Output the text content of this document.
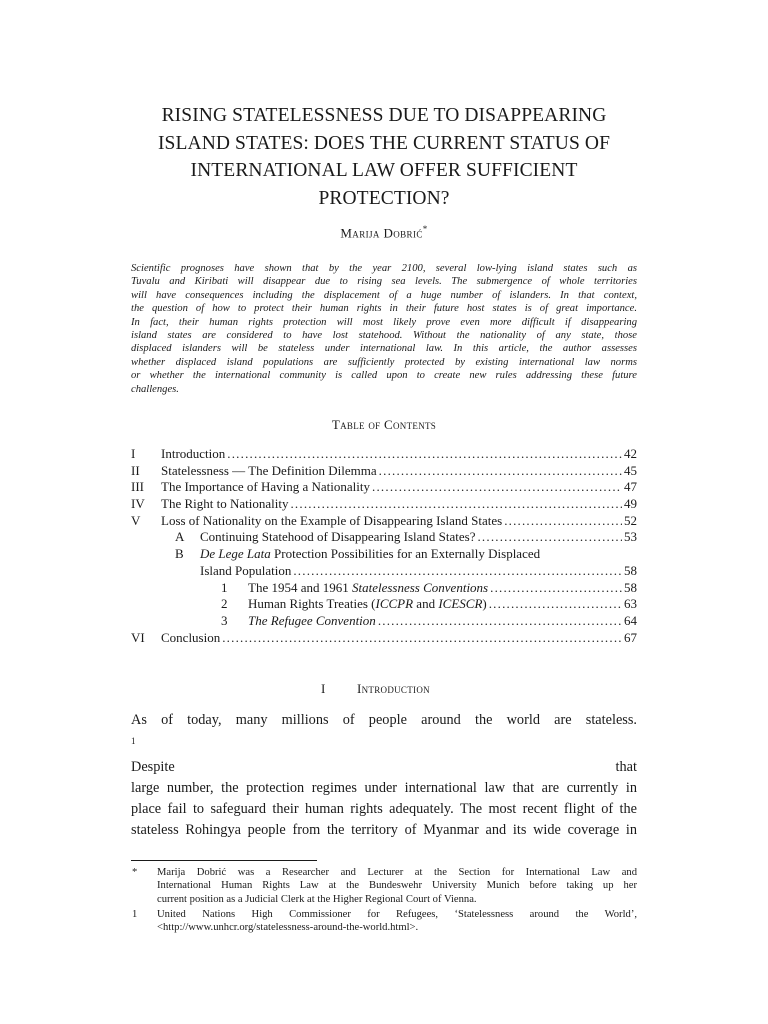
RISING STATELESSNESS DUE TO DISAPPEARING
ISLAND STATES: DOES THE CURRENT STATUS OF
INTERNATIONAL LAW OFFER SUFFICIENT
PROTECTION?
Marija Dobrić*
Scientific prognoses have shown that by the year 2100, several low-lying island states such as
Tuvalu and Kiribati will disappear due to rising sea levels. The submergence of whole territories
will have consequences including the displacement of a huge number of islanders. In that context,
the question of how to protect their human rights in their future host states is of great importance.
In fact, their human rights protection will most likely prove even more difficult if disappearing
island states are considered to have lost statehood. Without the nationality of any state, those
displaced islanders will be stateless under international law. In this article, the author assesses
whether displaced island populations are sufficiently protected by existing international law norms
or whether the international community is called upon to create new rules addressing these future
challenges.
Table of Contents
I Introduction .....	42
II Statelessness — The Definition Dilemma .....	45
III The Importance of Having a Nationality .....	47
IV The Right to Nationality .....	49
V Loss of Nationality on the Example of Disappearing Island States .....	52
A Continuing Statehood of Disappearing Island States? .....	53
B De Lege Lata Protection Possibilities for an Externally Displaced
Island Population .....	58
1 The 1954 and 1961 Statelessness Conventions .....	58
2 Human Rights Treaties (ICCPR and ICESCR) .....	63
3 The Refugee Convention .....	64
VI Conclusion .....	67
I Introduction
As of today, many millions of people around the world are stateless.
$^1$
Despite that
large number, the protection regimes under international law that are currently in
place fail to safeguard their human rights adequately. The most recent flight of the
stateless Rohingya people from the territory of Myanmar and its wide coverage in
* Marija Dobrić was a Researcher and Lecturer at the Section for International Law and
International Human Rights Law at the Bundeswehr University Munich before taking up her
current position as a Judicial Clerk at the Higher Regional Court of Vienna.
1 United Nations High Commissioner for Refugees, ‘Statelessness around the World’,
<http://www.unhcr.org/statelessness-around-the-world.html>.
